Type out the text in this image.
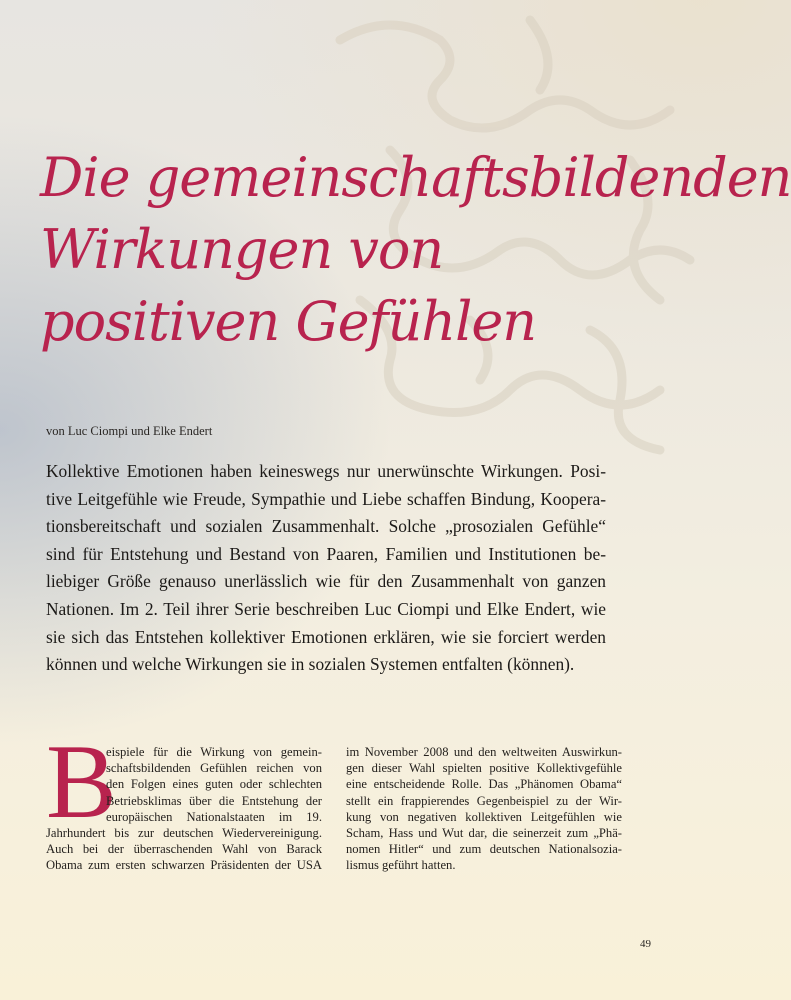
Die gemeinschaftsbildenden
Wirkungen von
positiven Gefühlen

von Luc Ciompi und Elke Endert

Kollektive Emotionen haben keineswegs nur unerwünschte Wirkungen. Posi-
tive Leitgefühle wie Freude, Sympathie und Liebe schaffen Bindung, Koopera-
tionsbereitschaft und sozialen Zusammenhalt. Solche „prosozialen Gefühle“
sind für Entstehung und Bestand von Paaren, Familien und Institutionen be-
liebiger Größe genauso unerlässlich wie für den Zusammenhalt von ganzen
Nationen. Im 2. Teil ihrer Serie beschreiben Luc Ciompi und Elke Endert, wie
sie sich das Entstehen kollektiver Emotionen erklären, wie sie forciert werden
können und welche Wirkungen sie in sozialen Systemen entfalten (können).

B
eispiele für die Wirkung von gemein-
schaftsbildenden Gefühlen reichen von
den Folgen eines guten oder schlechten
Betriebsklimas über die Entstehung der
europäischen Nationalstaaten im 19.
Jahrhundert bis zur deutschen Wiedervereinigung.
Auch bei der überraschenden Wahl von Barack
Obama zum ersten schwarzen Präsidenten der USA
im November 2008 und den weltweiten Auswirkun-
gen dieser Wahl spielten positive Kollektivgefühle
eine entscheidende Rolle. Das „Phänomen Obama“
stellt ein frappierendes Gegenbeispiel zu der Wir-
kung von negativen kollektiven Leitgefühlen wie
Scham, Hass und Wut dar, die seinerzeit zum „Phä-
nomen Hitler“ und zum deutschen Nationalsozia-
lismus geführt hatten.

49
